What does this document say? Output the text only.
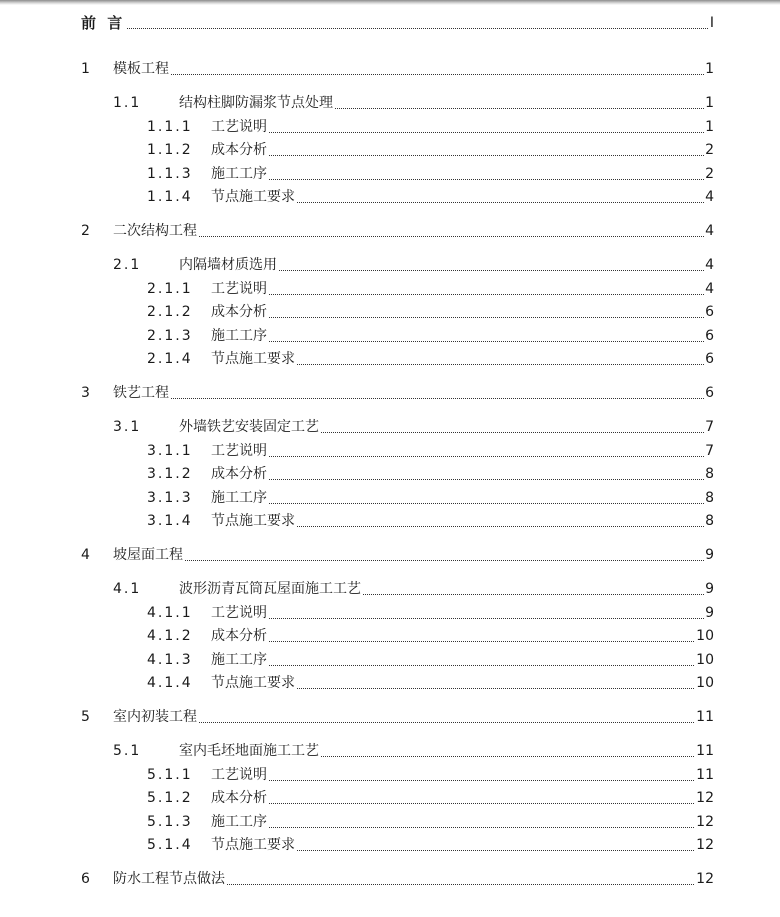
前 言	I
1 模板工程	1
1.1	结构柱脚防漏浆节点处理	1
1.1.1 工艺说明	1
1.1.2 成本分析	2
1.1.3 施工工序	2
1.1.4 节点施工要求	4
2 二次结构工程	4
2.1	内隔墙材质选用	4
2.1.1 工艺说明	4
2.1.2 成本分析	6
2.1.3 施工工序	6
2.1.4 节点施工要求	6
3 铁艺工程	6
3.1	外墙铁艺安装固定工艺	7
3.1.1 工艺说明	7
3.1.2 成本分析	8
3.1.3 施工工序	8
3.1.4 节点施工要求	8
4 坡屋面工程	9
4.1	波形沥青瓦筒瓦屋面施工工艺	9
4.1.1 工艺说明	9
4.1.2 成本分析	10
4.1.3 施工工序	10
4.1.4 节点施工要求	10
5 室内初装工程	11
5.1	室内毛坯地面施工工艺	11
5.1.1 工艺说明	11
5.1.2 成本分析	12
5.1.3 施工工序	12
5.1.4 节点施工要求	12
6 防水工程节点做法	12
